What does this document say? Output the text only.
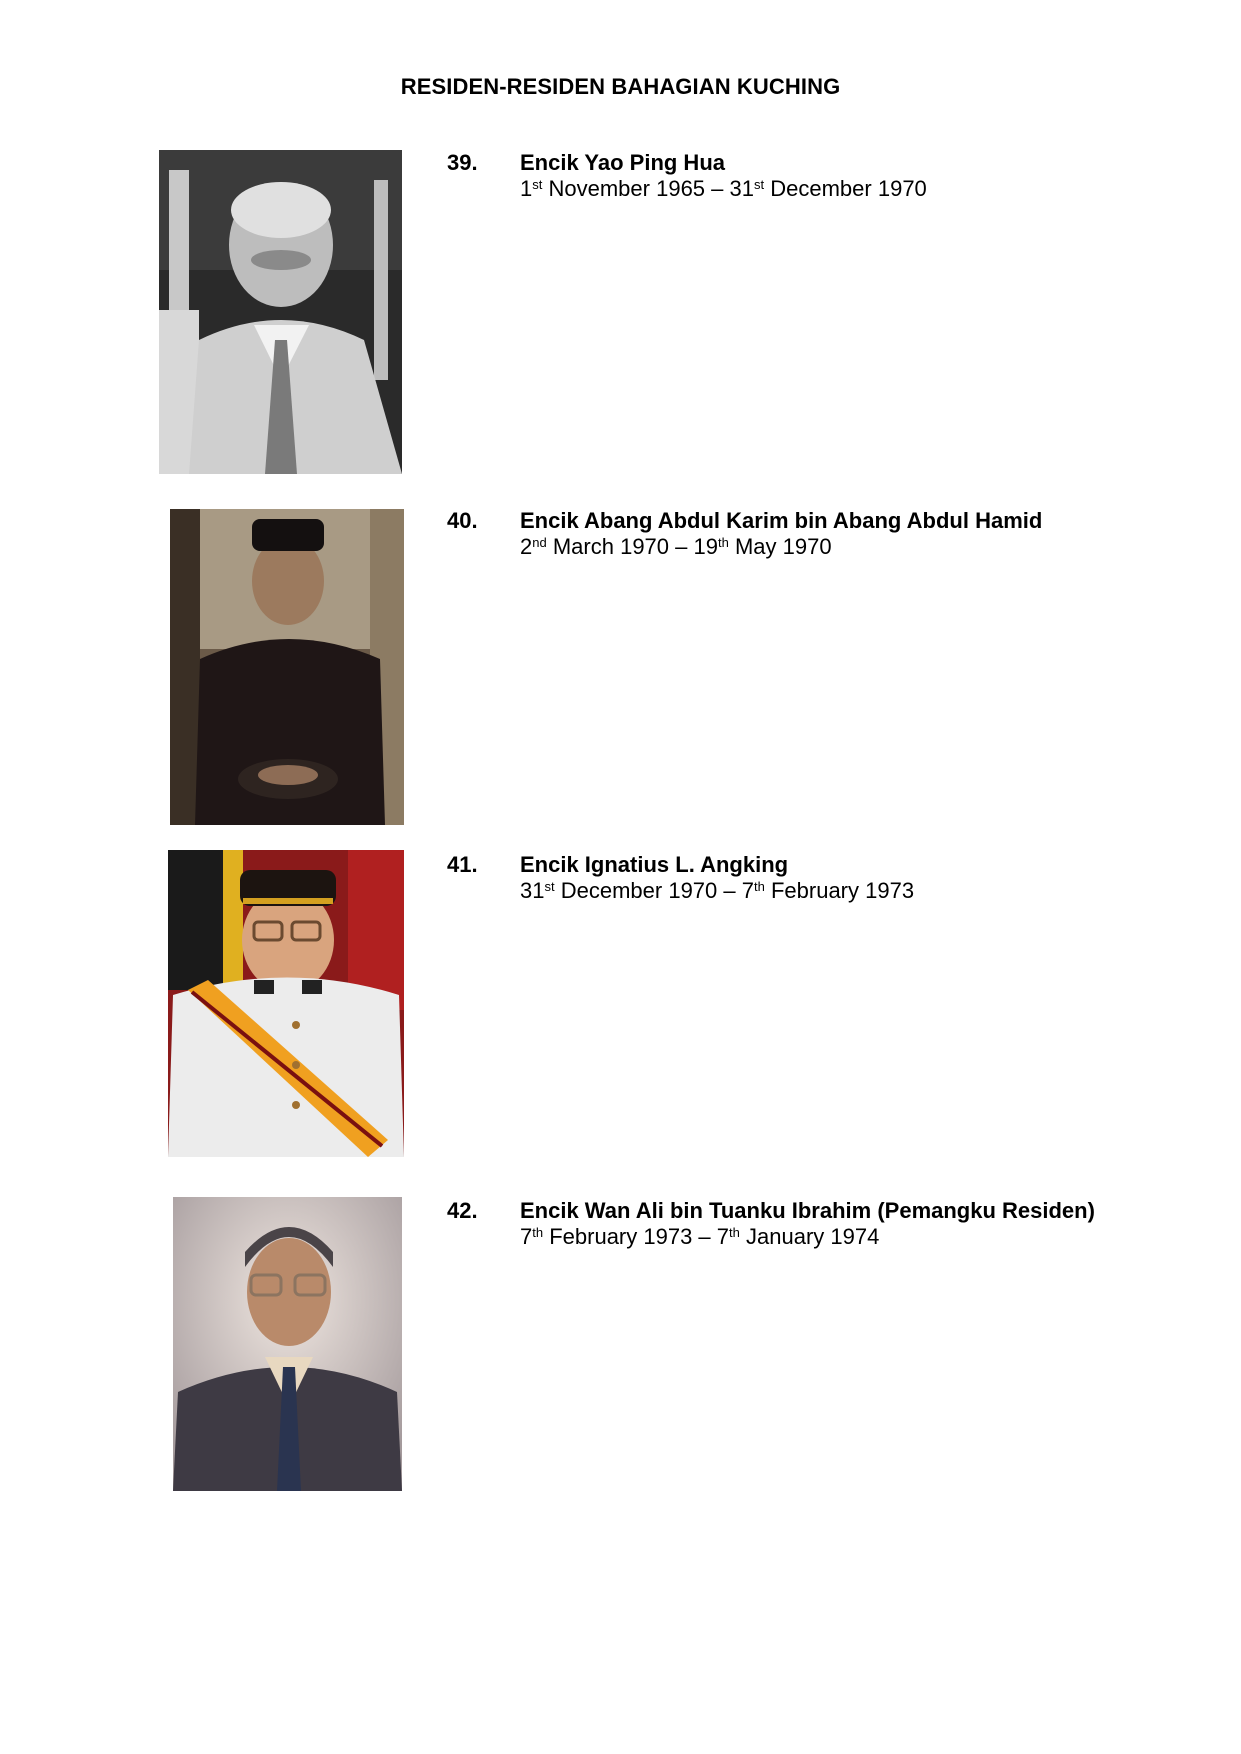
RESIDEN-RESIDEN BAHAGIAN KUCHING
39. Encik Yao Ping Hua
1st November 1965 – 31st December 1970
40. Encik Abang Abdul Karim bin Abang Abdul Hamid
2nd March 1970 – 19th May 1970
41. Encik Ignatius L. Angking
31st December 1970 – 7th February 1973
42. Encik Wan Ali bin Tuanku Ibrahim (Pemangku Residen)
7th February 1973 – 7th January 1974
